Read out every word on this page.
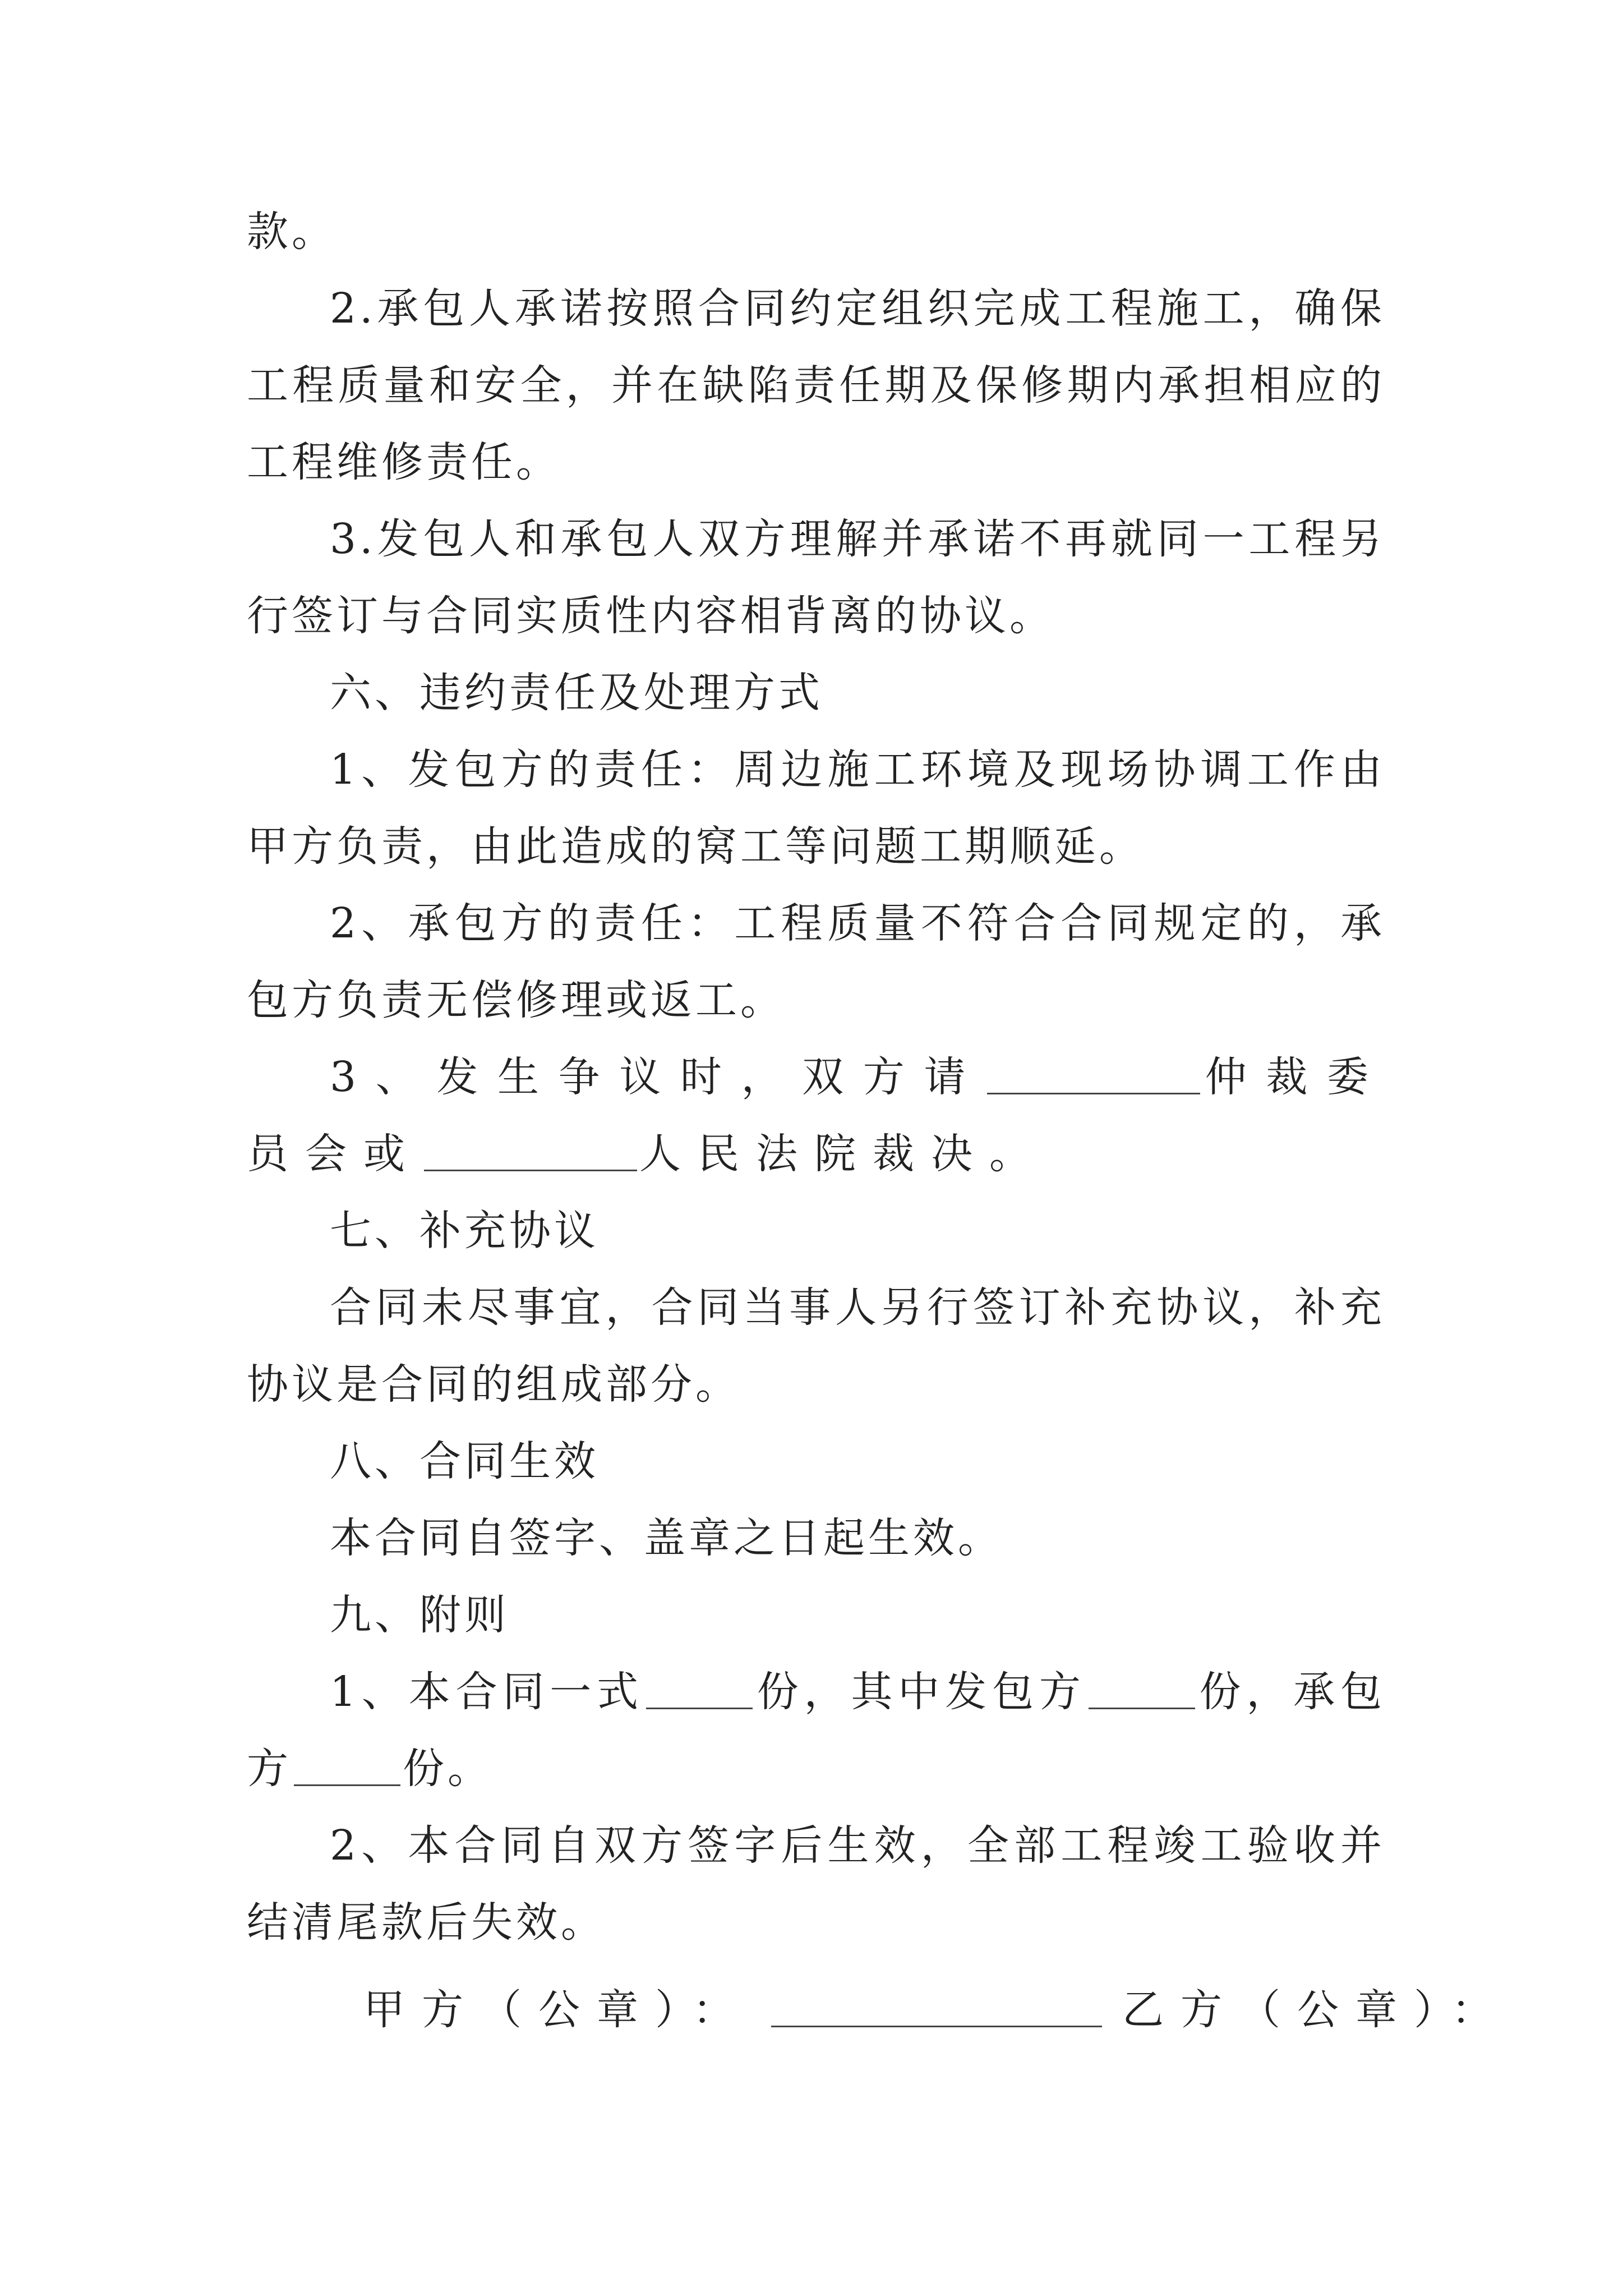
款。

2.承包人承诺按照合同约定组织完成工程施工，确保工程质量和安全，并在缺陷责任期及保修期内承担相应的工程维修责任。

3.发包人和承包人双方理解并承诺不再就同一工程另行签订与合同实质性内容相背离的协议。

六、违约责任及处理方式

1、发包方的责任：周边施工环境及现场协调工作由甲方负责，由此造成的窝工等问题工期顺延。

2、承包方的责任：工程质量不符合合同规定的，承包方负责无偿修理或返工。

3、发生争议时，双方请	仲裁委员会或	人民法院裁决。

七、补充协议

合同未尽事宜，合同当事人另行签订补充协议，补充协议是合同的组成部分。

八、合同生效

本合同自签字、盖章之日起生效。

九、附则

1、本合同一式	份，其中发包方	份，承包方	份。

2、本合同自双方签字后生效，全部工程竣工验收并结清尾款后失效。

甲方（公章）：	乙方（公章）：
